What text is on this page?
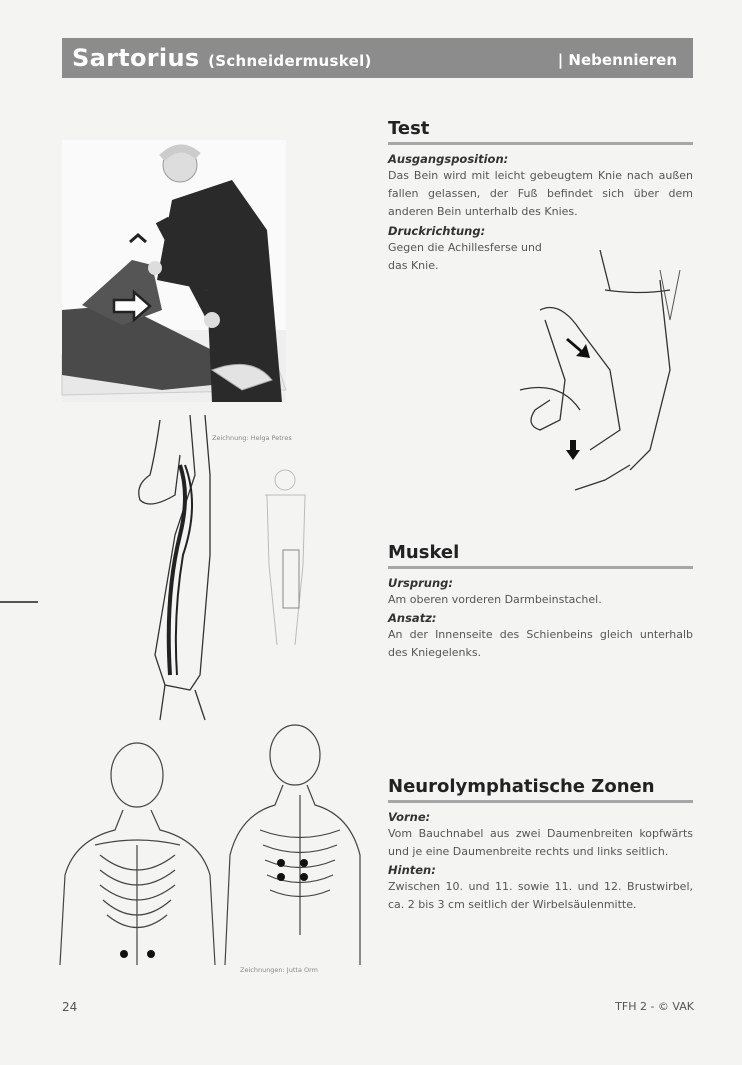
Sartorius (Schneidermuskel)	| Nebennieren
Test
Ausgangsposition:
Das Bein wird mit leicht gebeugtem Knie nach außen fallen gelassen, der Fuß befindet sich über dem anderen Bein unterhalb des Knies.
Druckrichtung:
Gegen die Achillesferse und
das Knie.
Zeichnung: Helga Petres
Muskel
Ursprung:
Am oberen vorderen Darmbeinstachel.
Ansatz:
An der Innenseite des Schienbeins gleich unterhalb des Kniegelenks.
Zeichnungen: Jutta Orm
Neurolymphatische Zonen
Vorne:
Vom Bauchnabel aus zwei Daumenbreiten kopfwärts und je eine Daumenbreite rechts und links seitlich.
Hinten:
Zwischen 10. und 11. sowie 11. und 12. Brustwirbel, ca. 2 bis 3 cm seitlich der Wirbelsäulenmitte.
24	TFH 2 - © VAK
